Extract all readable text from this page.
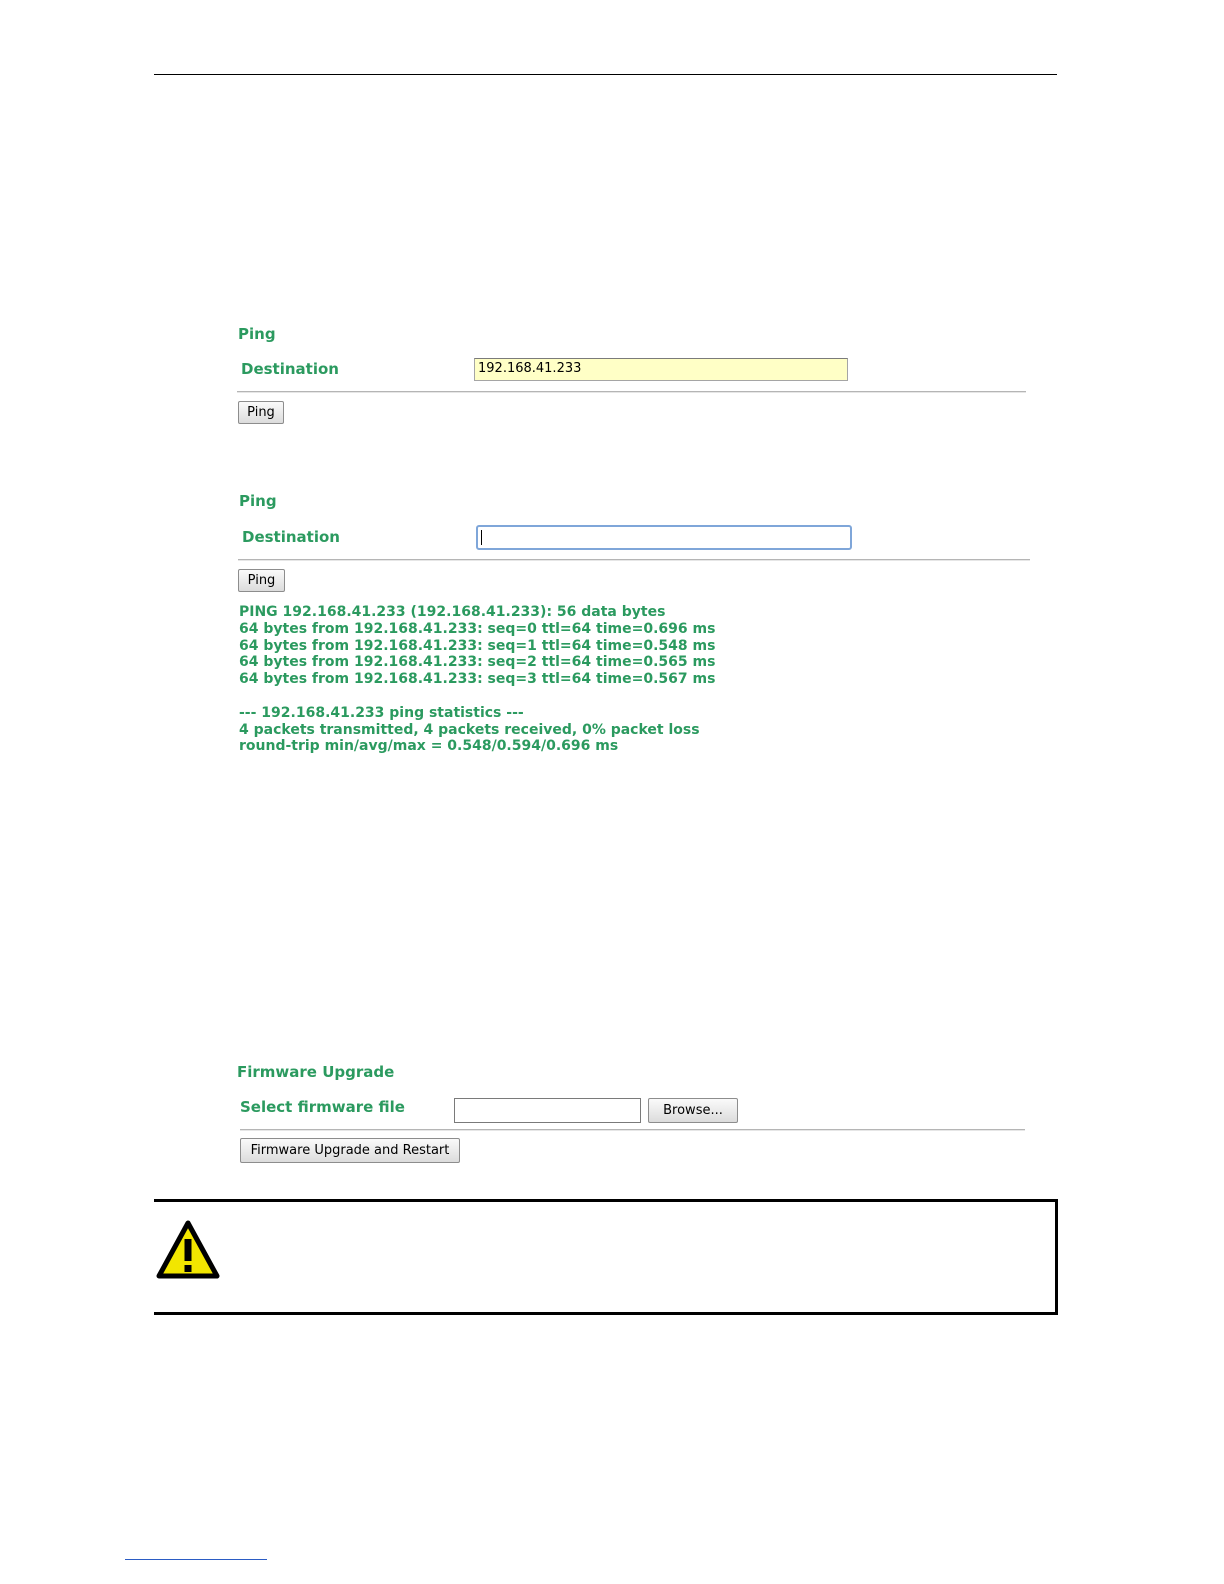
Ping
Destination	192.168.41.233
Ping
Ping
Destination
Ping
PING 192.168.41.233 (192.168.41.233): 56 data bytes
64 bytes from 192.168.41.233: seq=0 ttl=64 time=0.696 ms
64 bytes from 192.168.41.233: seq=1 ttl=64 time=0.548 ms
64 bytes from 192.168.41.233: seq=2 ttl=64 time=0.565 ms
64 bytes from 192.168.41.233: seq=3 ttl=64 time=0.567 ms

--- 192.168.41.233 ping statistics ---
4 packets transmitted, 4 packets received, 0% packet loss
round-trip min/avg/max = 0.548/0.594/0.696 ms
Firmware Upgrade
Select firmware file	Browse...
Firmware Upgrade and Restart
